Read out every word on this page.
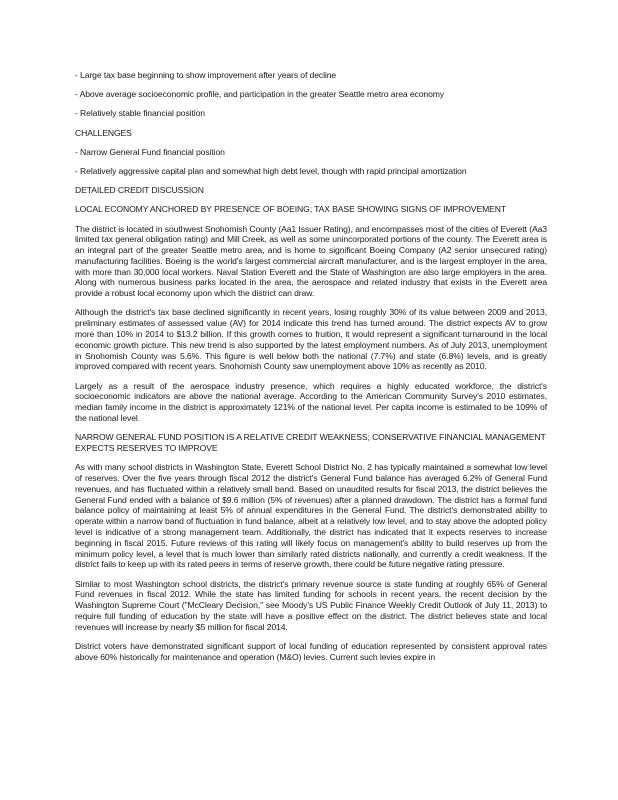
- Large tax base beginning to show improvement after years of decline
- Above average socioeconomic profile, and participation in the greater Seattle metro area economy
- Relatively stable financial position
CHALLENGES
- Narrow General Fund financial position
- Relatively aggressive capital plan and somewhat high debt level, though with rapid principal amortization
DETAILED CREDIT DISCUSSION
LOCAL ECONOMY ANCHORED BY PRESENCE OF BOEING; TAX BASE SHOWING SIGNS OF IMPROVEMENT
The district is located in southwest Snohomish County (Aa1 Issuer Rating), and encompasses most of the cities of Everett (Aa3 limited tax general obligation rating) and Mill Creek, as well as some unincorporated portions of the county. The Everett area is an integral part of the greater Seattle metro area, and is home to significant Boeing Company (A2 senior unsecured rating) manufacturing facilities. Boeing is the world's largest commercial aircraft manufacturer, and is the largest employer in the area, with more than 30,000 local workers. Naval Station Everett and the State of Washington are also large employers in the area. Along with numerous business parks located in the area, the aerospace and related industry that exists in the Everett area provide a robust local economy upon which the district can draw.
Although the district's tax base declined significantly in recent years, losing roughly 30% of its value between 2009 and 2013, preliminary estimates of assessed value (AV) for 2014 indicate this trend has turned around. The district expects AV to grow more than 10% in 2014 to $13.2 billion. If this growth comes to fruition, it would represent a significant turnaround in the local economic growth picture. This new trend is also supported by the latest employment numbers. As of July 2013, unemployment in Snohomish County was 5.6%. This figure is well below both the national (7.7%) and state (6.8%) levels, and is greatly improved compared with recent years. Snohomish County saw unemployment above 10% as recently as 2010.
Largely as a result of the aerospace industry presence, which requires a highly educated workforce, the district's socioeconomic indicators are above the national average. According to the American Community Survey's 2010 estimates, median family income in the district is approximately 121% of the national level. Per capita income is estimated to be 109% of the national level.
NARROW GENERAL FUND POSITION IS A RELATIVE CREDIT WEAKNESS; CONSERVATIVE FINANCIAL MANAGEMENT EXPECTS RESERVES TO IMPROVE
As with many school districts in Washington State, Everett School District No. 2 has typically maintained a somewhat low level of reserves. Over the five years through fiscal 2012 the district's General Fund balance has averaged 6.2% of General Fund revenues, and has fluctuated within a relatively small band. Based on unaudited results for fiscal 2013, the district believes the General Fund ended with a balance of $9.6 million (5% of revenues) after a planned drawdown. The district has a formal fund balance policy of maintaining at least 5% of annual expenditures in the General Fund. The district's demonstrated ability to operate within a narrow band of fluctuation in fund balance, albeit at a relatively low level, and to stay above the adopted policy level is indicative of a strong management team. Additionally, the district has indicated that it expects reserves to increase beginning in fiscal 2015. Future reviews of this rating will likely focus on management's ability to build reserves up from the minimum policy level, a level that is much lower than similarly rated districts nationally, and currently a credit weakness. If the district fails to keep up with its rated peers in terms of reserve growth, there could be future negative rating pressure.
Similar to most Washington school districts, the district's primary revenue source is state funding at roughly 65% of General Fund revenues in fiscal 2012. While the state has limited funding for schools in recent years, the recent decision by the Washington Supreme Court ("McCleary Decision," see Moody's US Public Finance Weekly Credit Outlook of July 11, 2013) to require full funding of education by the state will have a positive effect on the district. The district believes state and local revenues will increase by nearly $5 million for fiscal 2014.
District voters have demonstrated significant support of local funding of education represented by consistent approval rates above 60% historically for maintenance and operation (M&O) levies. Current such levies expire in
